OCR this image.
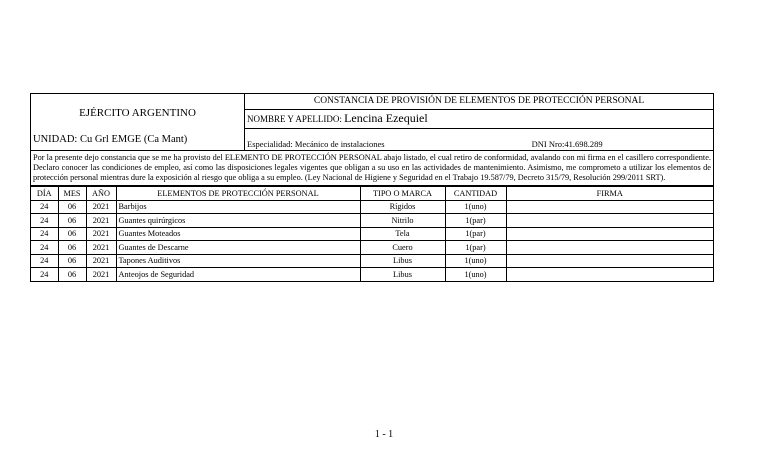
EJÉRCITO ARGENTINO
UNIDAD: Cu Grl EMGE (Ca Mant)
CONSTANCIA DE PROVISIÓN DE ELEMENTOS DE PROTECCIÓN PERSONAL
NOMBRE Y APELLIDO: Lencina Ezequiel
Especialidad: Mecánico de instalaciones	DNI Nro:41.698.289
Por la presente dejo constancia que se me ha provisto del ELEMENTO DE PROTECCIÓN PERSONAL abajo listado, el cual retiro de conformidad, avalando con mi firma en el casillero correspondiente. Declaro conocer las condiciones de empleo, así como las disposiciones legales vigentes que obligan a su uso en las actividades de mantenimiento. Asimismo, me comprometo a utilizar los elementos de protección personal mientras dure la exposición al riesgo que obliga a su empleo. (Ley Nacional de Higiene y Seguridad en el Trabajo 19.587/79, Decreto 315/79, Resolución 299/2011 SRT).
DÍA	MES	AÑO	ELEMENTOS DE PROTECCIÓN PERSONAL	TIPO O MARCA	CANTIDAD	FIRMA
24	06	2021	Barbijos	Rígidos	1(uno)	
24	06	2021	Guantes quirúrgicos	Nitrilo	1(par)	
24	06	2021	Guantes Moteados	Tela	1(par)	
24	06	2021	Guantes de Descarne	Cuero	1(par)	
24	06	2021	Tapones Auditivos	Libus	1(uno)	
24	06	2021	Anteojos de Seguridad	Libus	1(uno)	
1 - 1
